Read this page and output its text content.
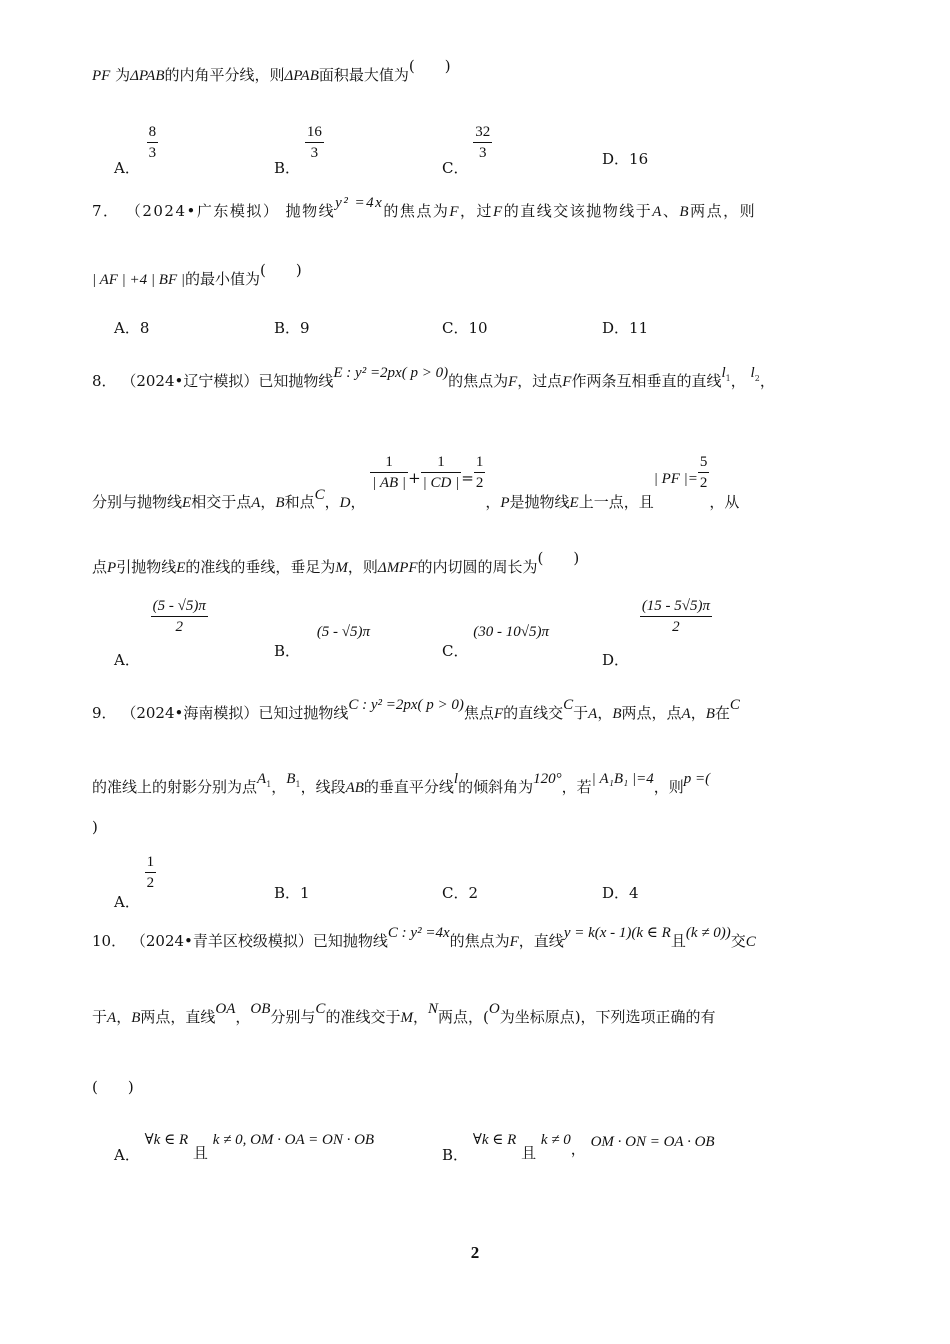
PF 为ΔPAB的内角平分线，则ΔPAB面积最大值为(　　)
A．
$\frac{8}{3}$
B．
$\frac{16}{3}$
C．
$\frac{32}{3}$	D．16
7． （2024•广东模拟） 抛物线y² =4x的焦点为F，过F的直线交该抛物线于A、B两点，则
| AF | +4 | BF |的最小值为(　　)
A．8	B．9	C．10	D．11
8． （2024•辽宁模拟）已知抛物线E : y² =2px( p > 0)的焦点为F，过点F作两条互相垂直的直线$l_1$， $l_2$，
分别与抛物线E相交于点A，B和点C，D，
$\frac{1}{| AB |} + \frac{1}{| CD |} = \frac{1}{2}$
，P是抛物线E上一点，且| PF |= $\frac{5}{2}$
，从
点P引抛物线E的准线的垂线，垂足为M，则ΔMPF的内切圆的周长为(　　)
A．
$\frac{(5 - √5)\pi}{2}$
B． (5 - √5)π
C． (30 - 10√5)π
D．
$\frac{(15 - 5√5)\pi}{2}$
9． （2024•海南模拟）已知过抛物线C : y² =2px( p > 0)焦点F的直线交C于A，B两点，点A，B在C
的准线上的射影分别为点$A_1$，$B_1$，线段AB的垂直平分线l的倾斜角为120°，若| A₁B₁ |=4，则p =(
)
A．
$\frac{1}{2}$	B．1	C．2	D．4
10． （2024•青羊区校级模拟）已知抛物线C : y² =4x的焦点为F，直线y = k(x - 1)(k ∈ R且(k ≠ 0))交C
于A，B两点，直线OA，OB分别与C的准线交于M，N两点，(O为坐标原点)，下列选项正确的有
(　　)
A． ∀k ∈ R 且 k ≠ 0, OM · OA = ON · OB
B． ∀k ∈ R 且 k ≠ 0， OM · ON = OA · OB
2
